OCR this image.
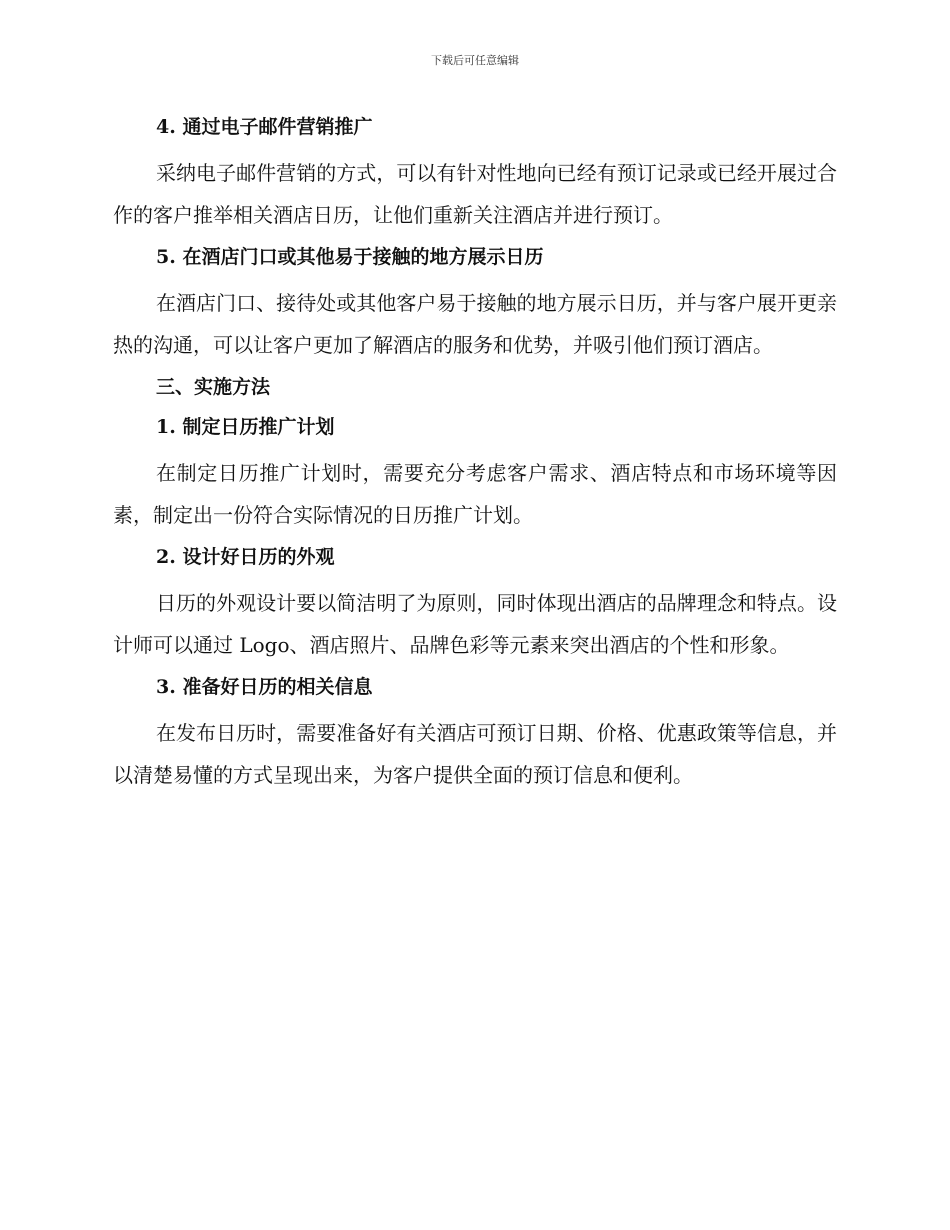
下载后可任意编辑
4. 通过电子邮件营销推广
采纳电子邮件营销的方式，可以有针对性地向已经有预订记录或已经开展过合作的客户推举相关酒店日历，让他们重新关注酒店并进行预订。
5. 在酒店门口或其他易于接触的地方展示日历
在酒店门口、接待处或其他客户易于接触的地方展示日历，并与客户展开更亲热的沟通，可以让客户更加了解酒店的服务和优势，并吸引他们预订酒店。
三、实施方法
1. 制定日历推广计划
在制定日历推广计划时，需要充分考虑客户需求、酒店特点和市场环境等因素，制定出一份符合实际情况的日历推广计划。
2. 设计好日历的外观
日历的外观设计要以简洁明了为原则，同时体现出酒店的品牌理念和特点。设计师可以通过 Logo、酒店照片、品牌色彩等元素来突出酒店的个性和形象。
3. 准备好日历的相关信息
在发布日历时，需要准备好有关酒店可预订日期、价格、优惠政策等信息，并以清楚易懂的方式呈现出来，为客户提供全面的预订信息和便利。
